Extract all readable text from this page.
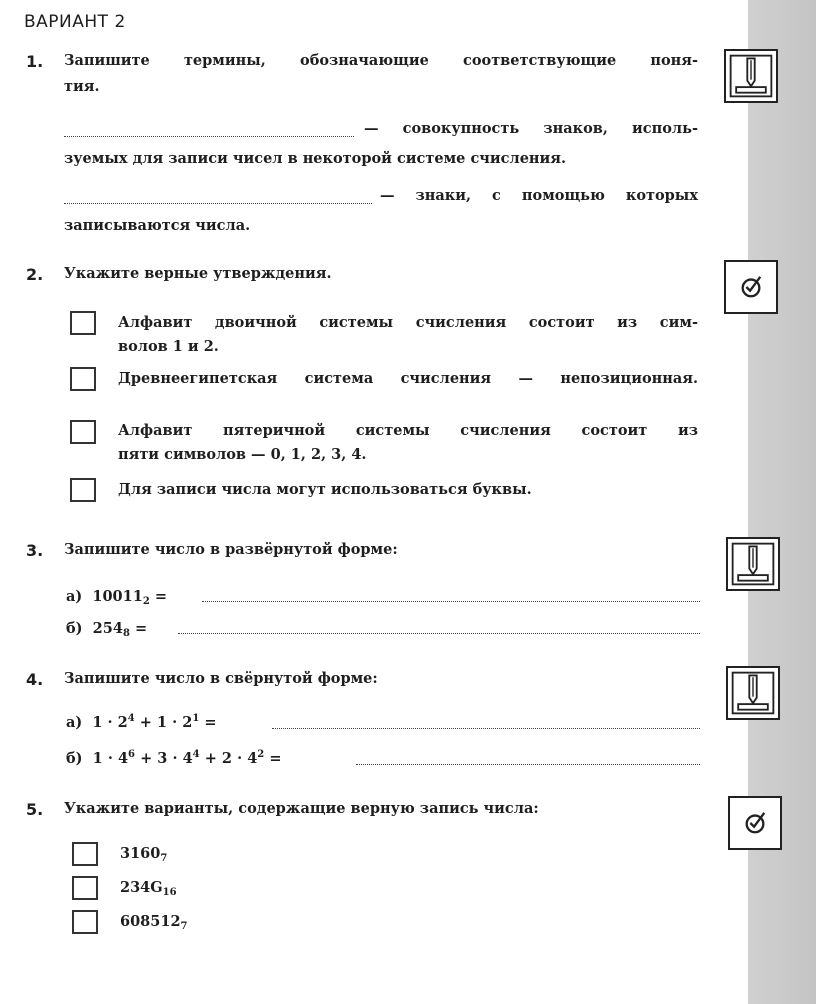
ВАРИАНТ 2
1. Запишите термины, обозначающие соответствующие поня-
тия.
— совокупность знаков, исполь-
зуемых для записи чисел в некоторой системе счисления.
— знаки, с помощью которых
записываются числа.
2. Укажите верные утверждения.
Алфавит двоичной системы счисления состоит из сим-
волов 1 и 2.
Древнеегипетская система счисления — непозиционная.
Алфавит пятеричной системы счисления состоит из
пяти символов — 0, 1, 2, 3, 4.
Для записи числа могут использоваться буквы.
3. Запишите число в развёрнутой форме:
а) $10011_2$ =
б) $254_8$ =
4. Запишите число в свёрнутой форме:
а) $1 \cdot 2^4 + 1 \cdot 2^1$ =
б) $1 \cdot 4^6 + 3 \cdot 4^4 + 2 \cdot 4^2$ =
5. Укажите варианты, содержащие верную запись числа:
$3160_7$
$234G_{16}$
$608512_7$
